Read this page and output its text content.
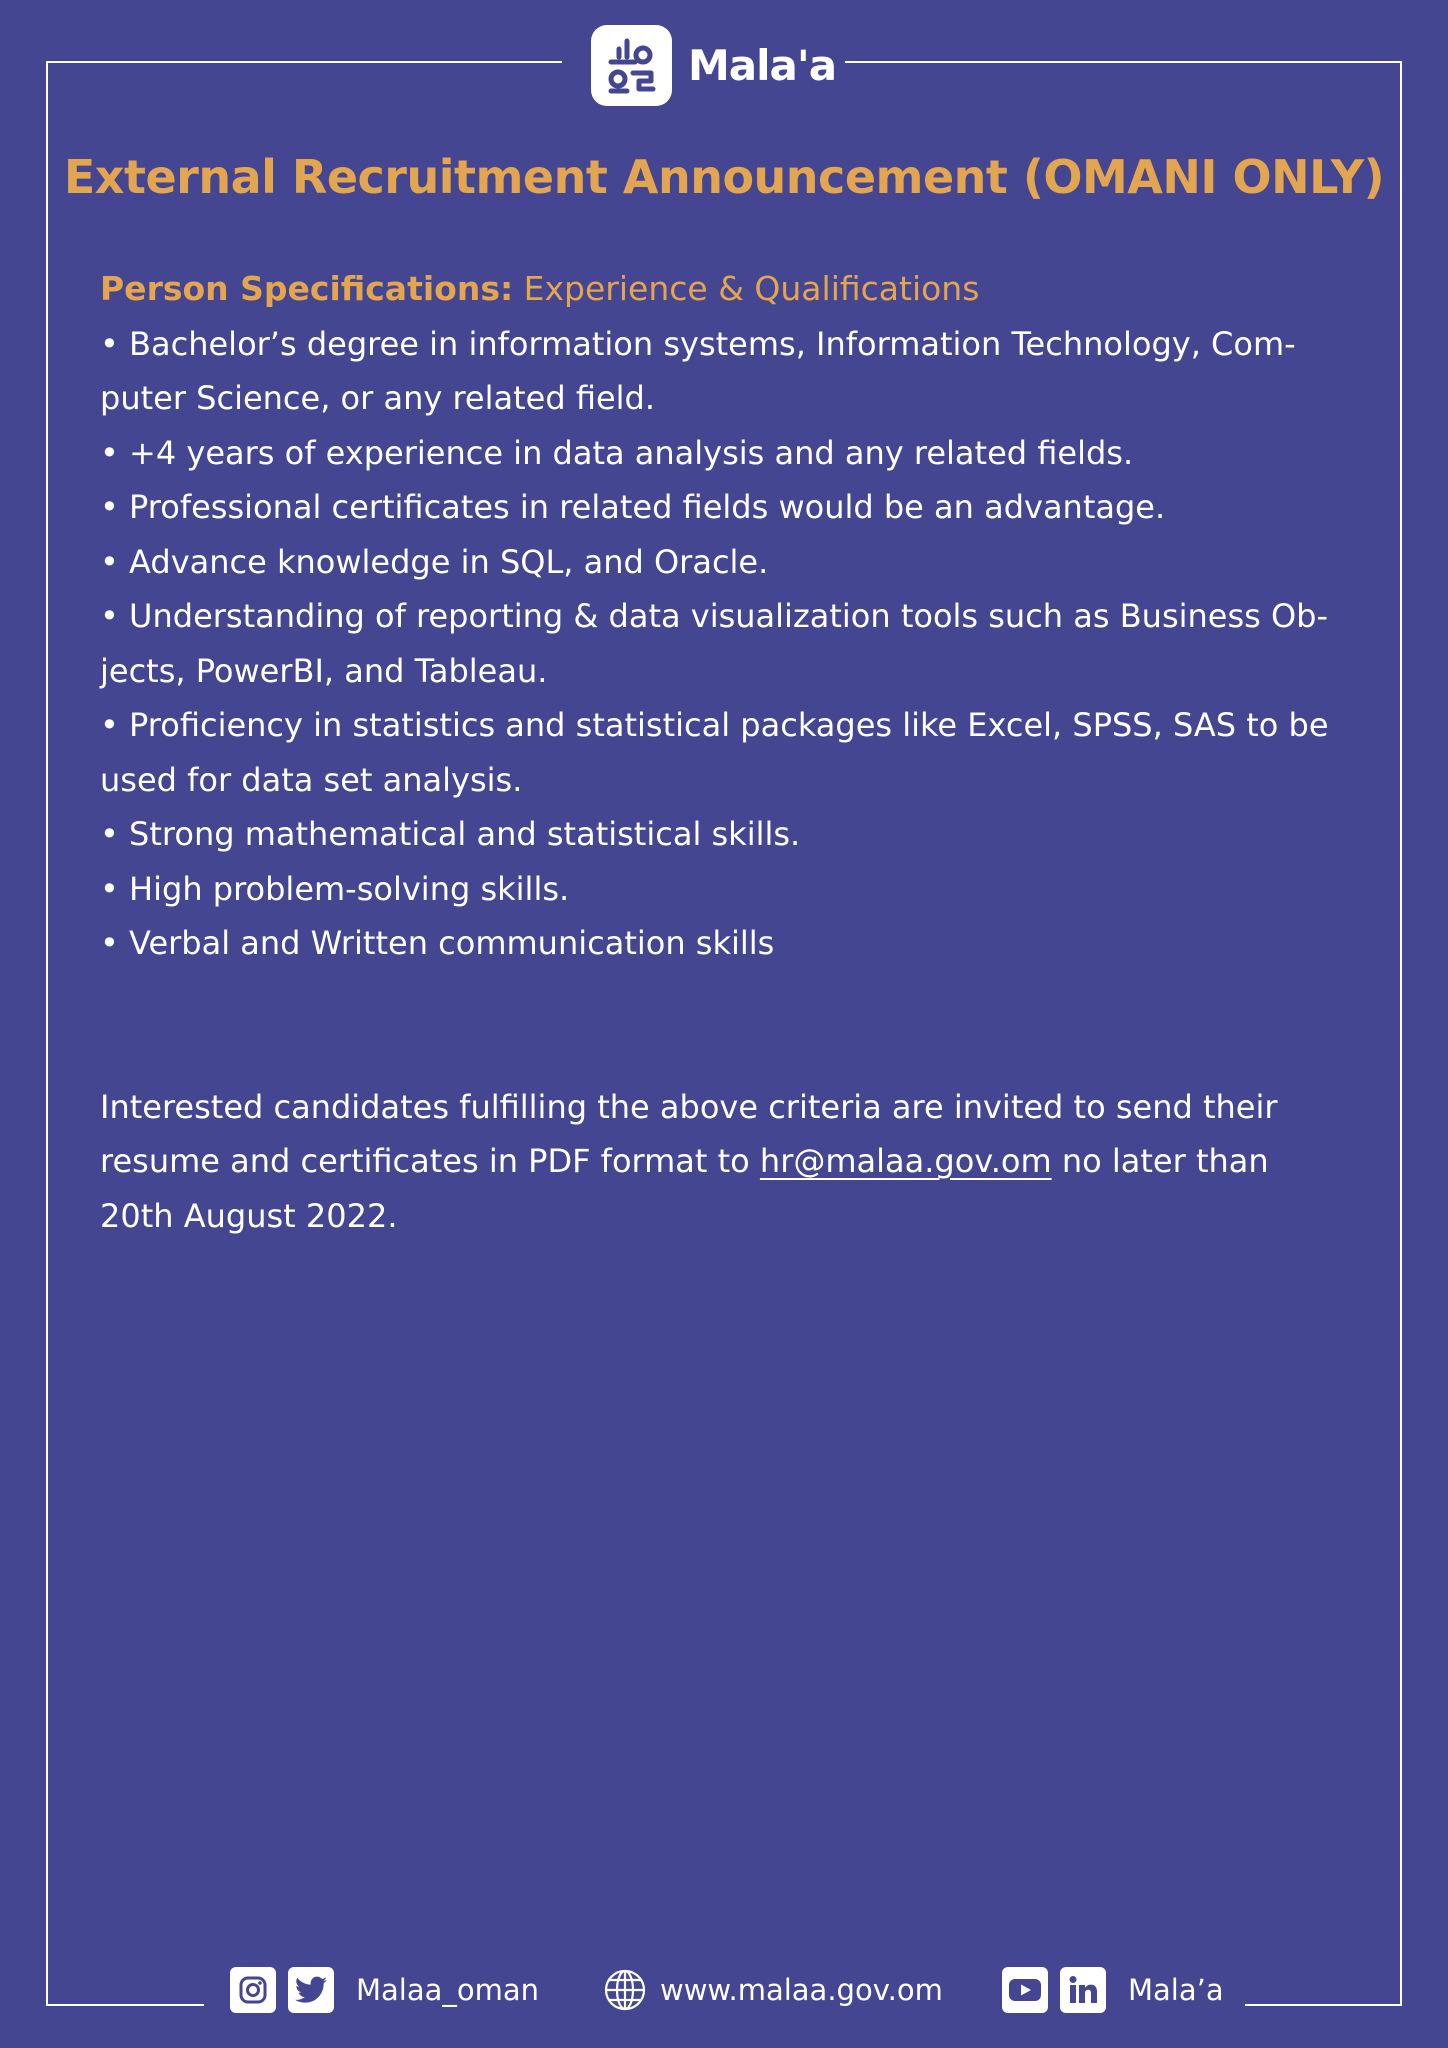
Mala'a
External Recruitment Announcement (OMANI ONLY)
Person Specifications: Experience & Qualifications
• Bachelor’s degree in information systems, Information Technology, Com-
puter Science, or any related field.
• +4 years of experience in data analysis and any related fields.
• Professional certificates in related fields would be an advantage.
• Advance knowledge in SQL, and Oracle.
• Understanding of reporting & data visualization tools such as Business Ob-
jects, PowerBI, and Tableau.
• Proficiency in statistics and statistical packages like Excel, SPSS, SAS to be
used for data set analysis.
• Strong mathematical and statistical skills.
• High problem-solving skills.
• Verbal and Written communication skills
Interested candidates fulfilling the above criteria are invited to send their
resume and certificates in PDF format to hr@malaa.gov.om no later than
20th August 2022.
Malaa_oman	www.malaa.gov.om	Mala’a
